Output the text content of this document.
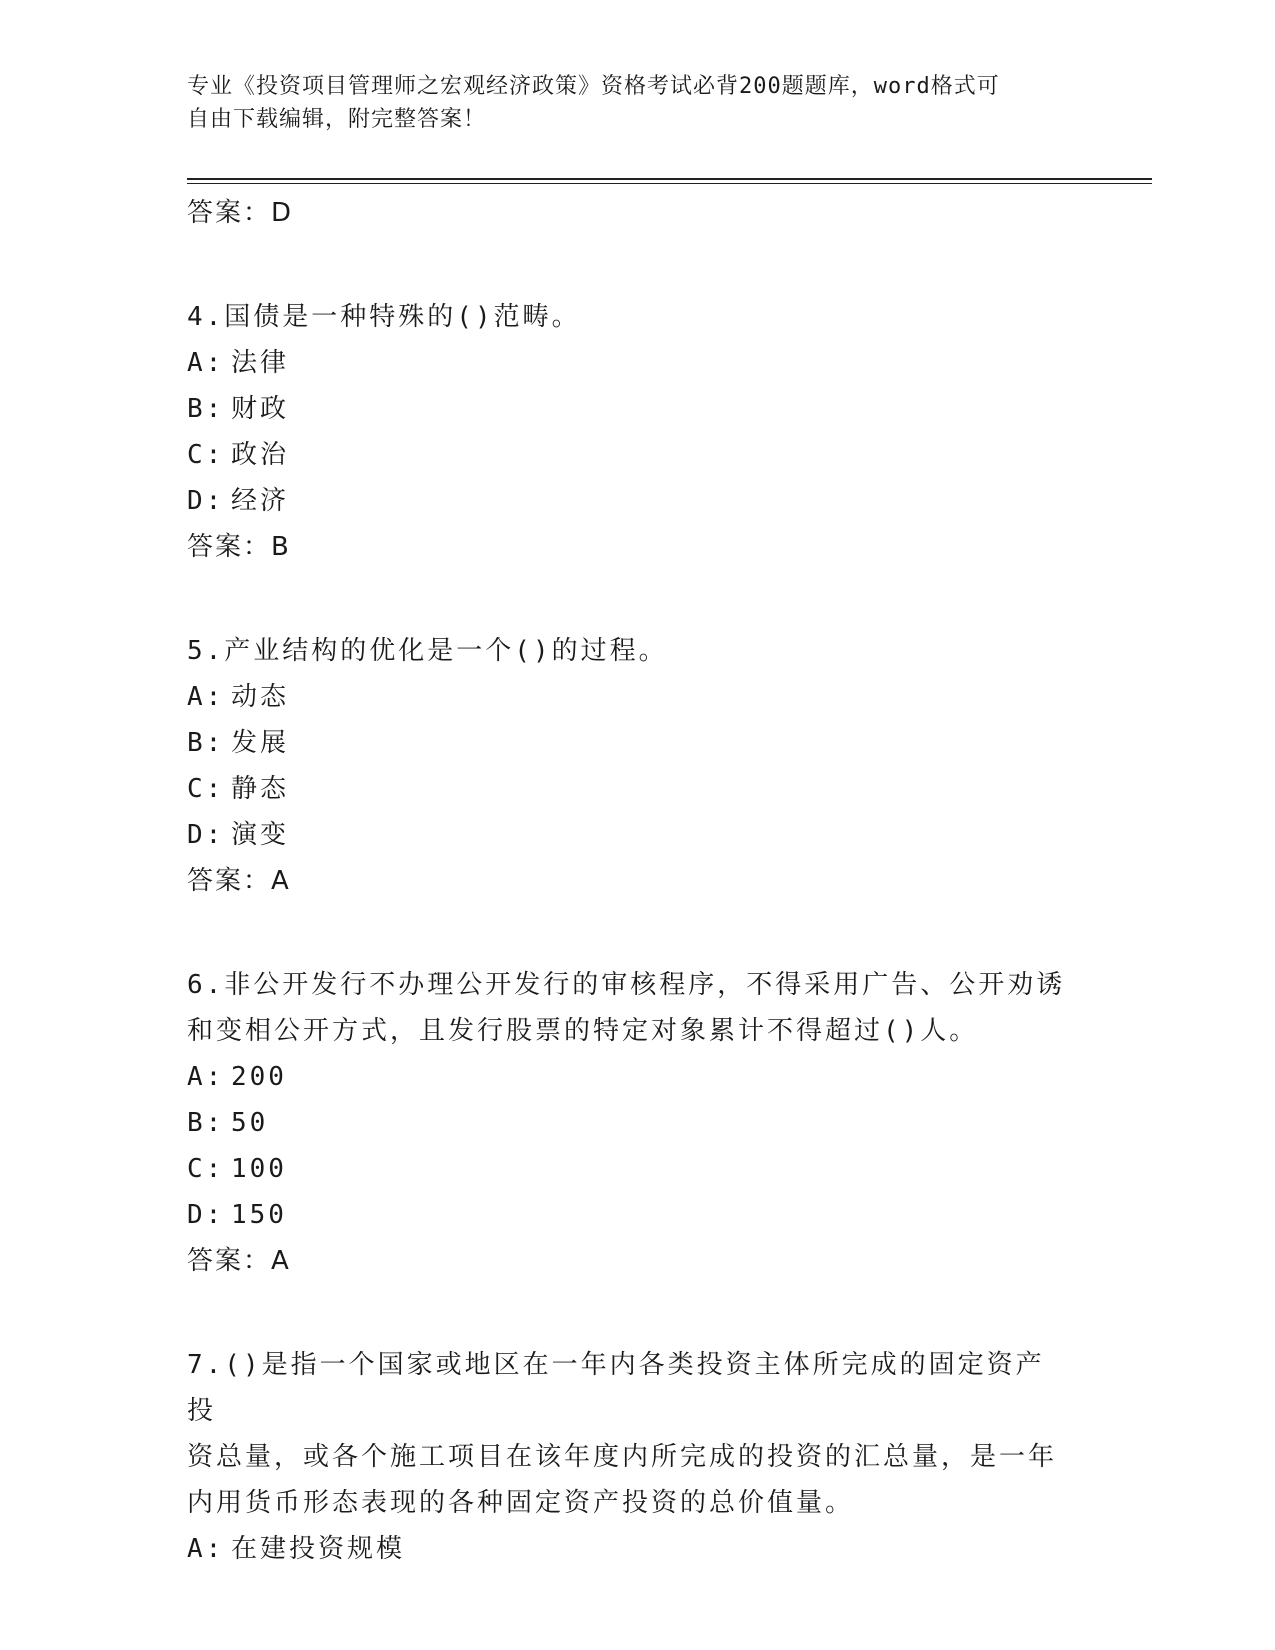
专业《投资项目管理师之宏观经济政策》资格考试必背200题题库，word格式可
自由下载编辑，附完整答案！
答案：D
4.国债是一种特殊的()范畴。
A: 法律
B: 财政
C: 政治
D: 经济
答案：B
5.产业结构的优化是一个()的过程。
A: 动态
B: 发展
C: 静态
D: 演变
答案：A
6.非公开发行不办理公开发行的审核程序，不得采用广告、公开劝诱
和变相公开方式，且发行股票的特定对象累计不得超过()人。
A: 200
B: 50
C: 100
D: 150
答案：A
7.()是指一个国家或地区在一年内各类投资主体所完成的固定资产投
资总量，或各个施工项目在该年度内所完成的投资的汇总量，是一年
内用货币形态表现的各种固定资产投资的总价值量。
A: 在建投资规模
